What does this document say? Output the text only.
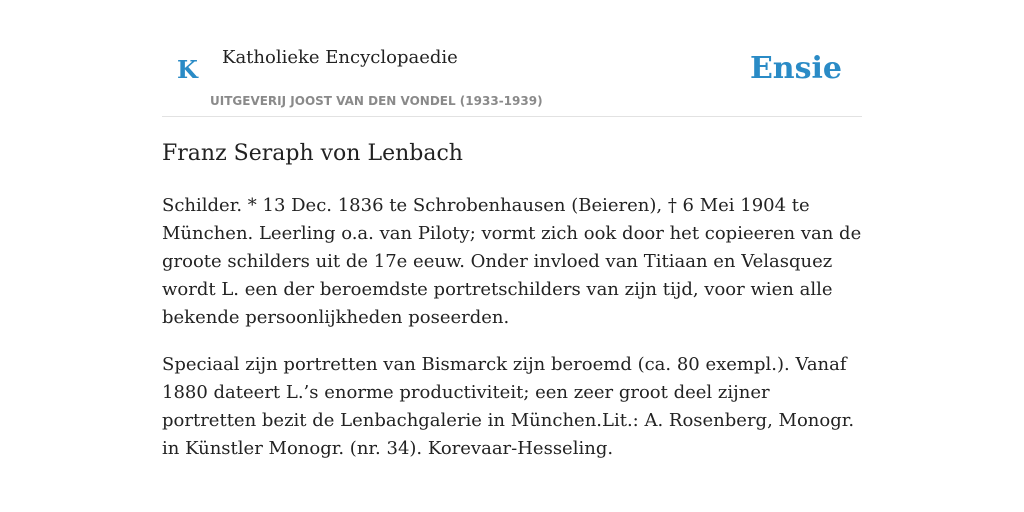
K Katholieke Encyclopaedie
UITGEVERIJ JOOST VAN DEN VONDEL (1933-1939)
Ensie
Franz Seraph von Lenbach

Schilder. * 13 Dec. 1836 te Schrobenhausen (Beieren), † 6 Mei 1904 te München. Leerling o.a. van Piloty; vormt zich ook door het copieeren van de groote schilders uit de 17e eeuw. Onder invloed van Titiaan en Velasquez wordt L. een der beroemdste portretschilders van zijn tijd, voor wien alle bekende persoonlijkheden poseerden.

Speciaal zijn portretten van Bismarck zijn beroemd (ca. 80 exempl.). Vanaf 1880 dateert L.’s enorme productiviteit; een zeer groot deel zijner portretten bezit de Lenbachgalerie in München.Lit.: A. Rosenberg, Monogr. in Künstler Monogr. (nr. 34). Korevaar-Hesseling.
